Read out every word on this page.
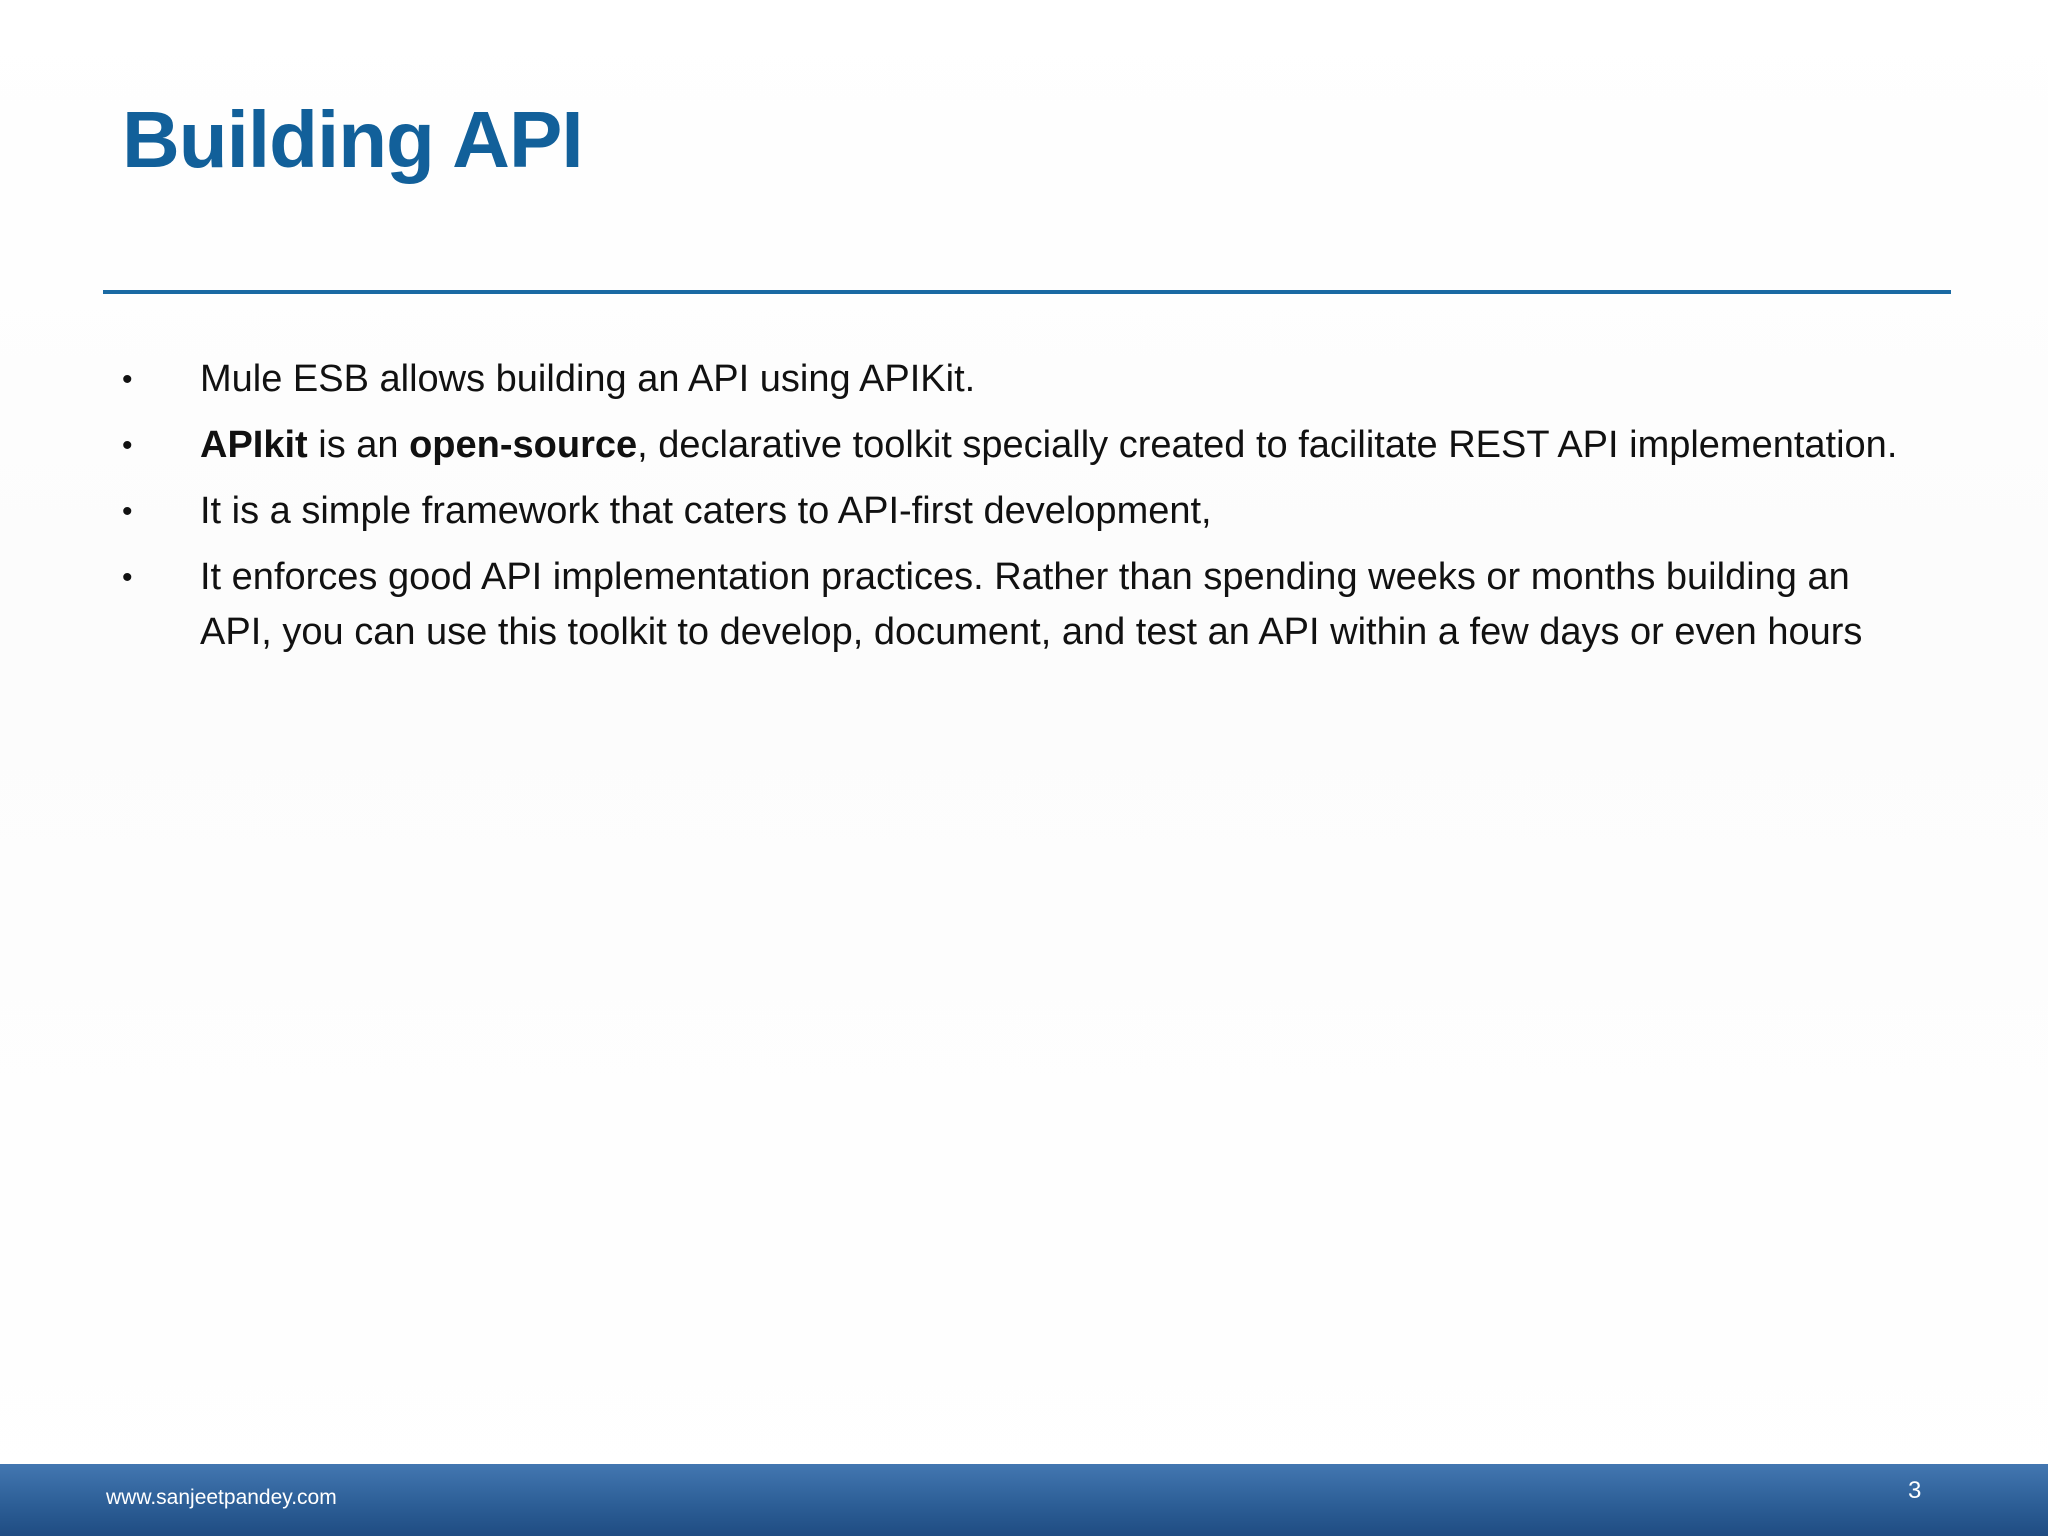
Building API
•	Mule ESB allows building an API using APIKit.
•	APIkit is an open-source, declarative toolkit specially created to facilitate REST API implementation.
•	It is a simple framework that caters to API-first development,
•	It enforces good API implementation practices. Rather than spending weeks or months building an API, you can use this toolkit to develop, document, and test an API within a few days or even hours
www.sanjeetpandey.com	3
